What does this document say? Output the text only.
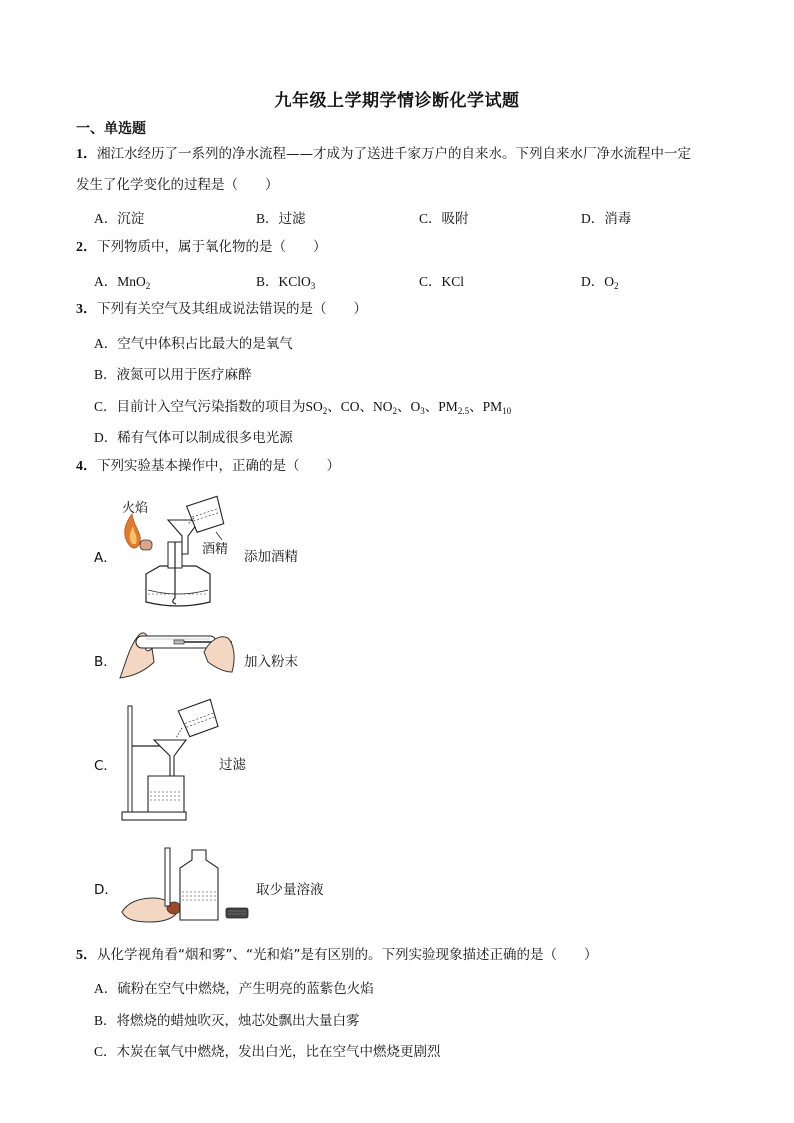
九年级上学期学情诊断化学试题
一、单选题
1．湘江水经历了一系列的净水流程——才成为了送进千家万户的自来水。下列自来水厂净水流程中一定
发生了化学变化的过程是（　　）
A．沉淀	B．过滤	C．吸附	D．消毒
2．下列物质中，属于氧化物的是（　　）
A．MnO$_2$	B．KClO$_3$	C．KCl	D．$O_2$
3．下列有关空气及其组成说法错误的是（　　）
A．空气中体积占比最大的是氧气
B．液氮可以用于医疗麻醉
C．目前计入空气污染指数的项目为$SO_2$、CO、$NO_2$、$O_3$、$PM_{2.5}$、$PM_{10}$
D．稀有气体可以制成很多电光源
4．下列实验基本操作中，正确的是（　　）
A．
火焰
酒精 添加酒精
B．	加入粉末
C．	过滤
D．	取少量溶液
5．从化学视角看“烟和雾”、“光和焰”是有区别的。下列实验现象描述正确的是（　　）
A．硫粉在空气中燃烧，产生明亮的蓝紫色火焰
B．将燃烧的蜡烛吹灭，烛芯处飘出大量白雾
C．木炭在氧气中燃烧，发出白光，比在空气中燃烧更剧烈
